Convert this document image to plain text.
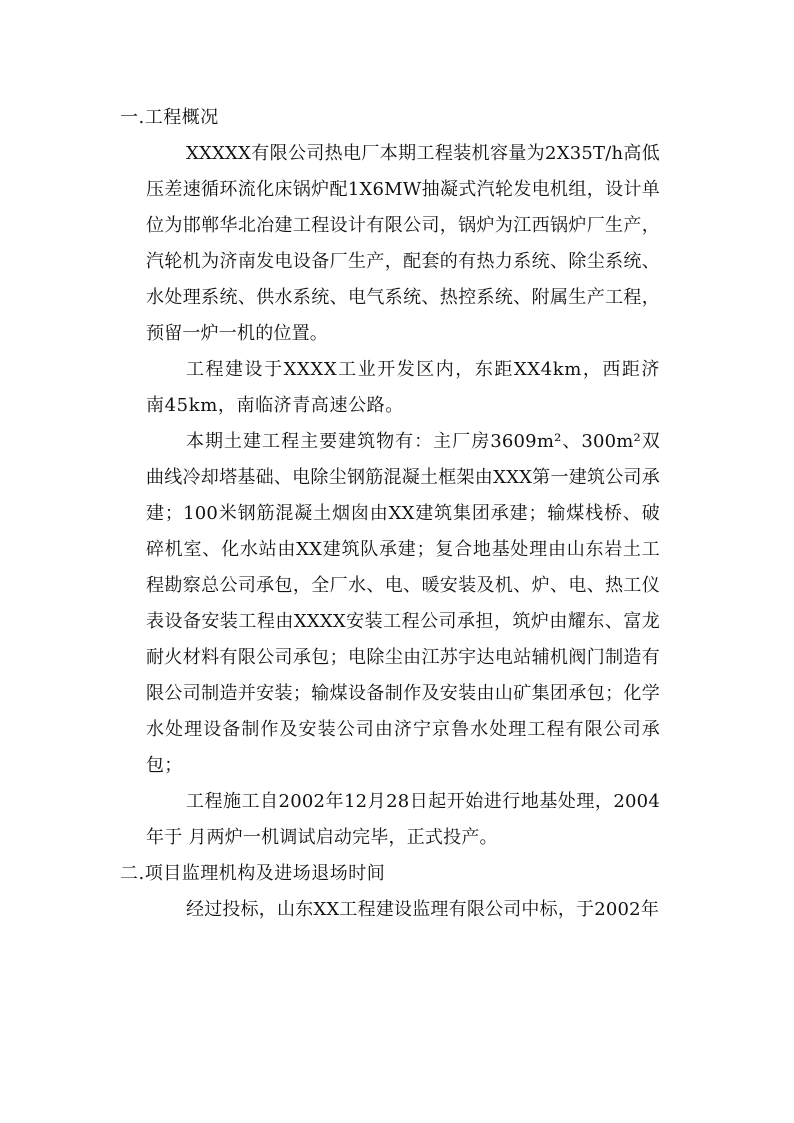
一.工程概况

XXXXX有限公司热电厂本期工程装机容量为2X35T/h高低压差速循环流化床锅炉配1X6MW抽凝式汽轮发电机组，设计单位为邯郸华北冶建工程设计有限公司，锅炉为江西锅炉厂生产，汽轮机为济南发电设备厂生产，配套的有热力系统、除尘系统、水处理系统、供水系统、电气系统、热控系统、附属生产工程，预留一炉一机的位置。

工程建设于XXXX工业开发区内，东距XX4km，西距济南45km，南临济青高速公路。

本期土建工程主要建筑物有：主厂房3609m²、300m²双曲线冷却塔基础、电除尘钢筋混凝土框架由XXX第一建筑公司承建；100米钢筋混凝土烟囱由XX建筑集团承建；输煤栈桥、破碎机室、化水站由XX建筑队承建；复合地基处理由山东岩土工程勘察总公司承包，全厂水、电、暖安装及机、炉、电、热工仪表设备安装工程由XXXX安装工程公司承担，筑炉由耀东、富龙耐火材料有限公司承包；电除尘由江苏宇达电站辅机阀门制造有限公司制造并安装；输煤设备制作及安装由山矿集团承包；化学水处理设备制作及安装公司由济宁京鲁水处理工程有限公司承包；

工程施工自2002年12月28日起开始进行地基处理，2004年于 月两炉一机调试启动完毕，正式投产。

二.项目监理机构及进场退场时间

经过投标，山东XX工程建设监理有限公司中标，于2002年
